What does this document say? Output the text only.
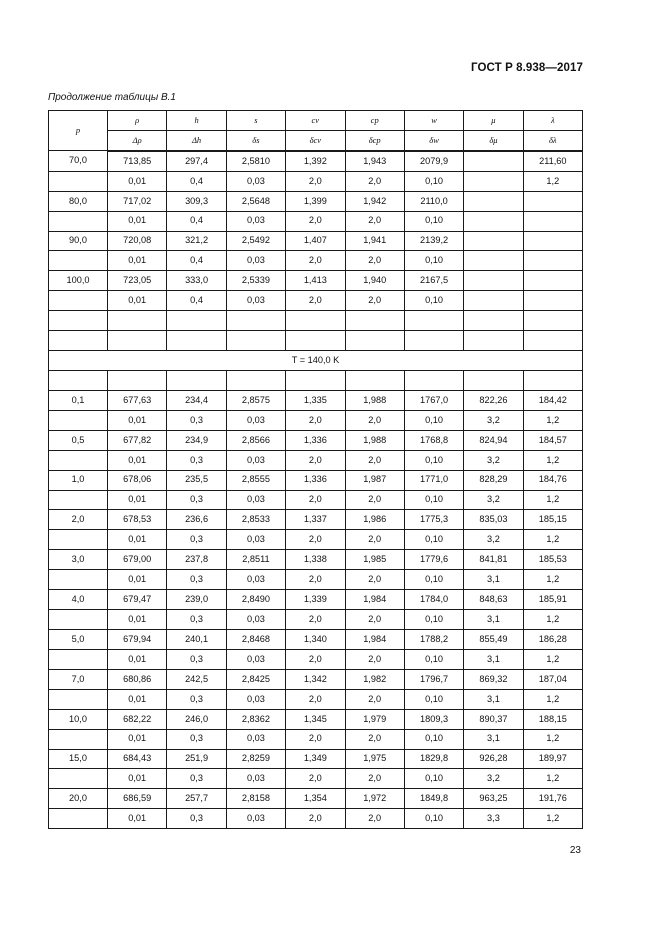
ГОСТ Р 8.938—2017
Продолжение таблицы В.1
p	ρ	h	s	cv	cp	w	μ	λ
	Δρ	Δh	δs	δcv	δcp	δw	δμ	δλ
70,0	713,85	297,4	2,5810	1,392	1,943	2079,9		211,60
	0,01	0,4	0,03	2,0	2,0	0,10		1,2
80,0	717,02	309,3	2,5648	1,399	1,942	2110,0		
	0,01	0,4	0,03	2,0	2,0	0,10		
90,0	720,08	321,2	2,5492	1,407	1,941	2139,2		
	0,01	0,4	0,03	2,0	2,0	0,10		
100,0	723,05	333,0	2,5339	1,413	1,940	2167,5		
	0,01	0,4	0,03	2,0	2,0	0,10		

T = 140,0 K								

0,1	677,63	234,4	2,8575	1,335	1,988	1767,0	822,26	184,42
	0,01	0,3	0,03	2,0	2,0	0,10	3,2	1,2
0,5	677,82	234,9	2,8566	1,336	1,988	1768,8	824,94	184,57
	0,01	0,3	0,03	2,0	2,0	0,10	3,2	1,2
1,0	678,06	235,5	2,8555	1,336	1,987	1771,0	828,29	184,76
	0,01	0,3	0,03	2,0	2,0	0,10	3,2	1,2
2,0	678,53	236,6	2,8533	1,337	1,986	1775,3	835,03	185,15
	0,01	0,3	0,03	2,0	2,0	0,10	3,2	1,2
3,0	679,00	237,8	2,8511	1,338	1,985	1779,6	841,81	185,53
	0,01	0,3	0,03	2,0	2,0	0,10	3,1	1,2
4,0	679,47	239,0	2,8490	1,339	1,984	1784,0	848,63	185,91
	0,01	0,3	0,03	2,0	2,0	0,10	3,1	1,2
5,0	679,94	240,1	2,8468	1,340	1,984	1788,2	855,49	186,28
	0,01	0,3	0,03	2,0	2,0	0,10	3,1	1,2
7,0	680,86	242,5	2,8425	1,342	1,982	1796,7	869,32	187,04
	0,01	0,3	0,03	2,0	2,0	0,10	3,1	1,2
10,0	682,22	246,0	2,8362	1,345	1,979	1809,3	890,37	188,15
	0,01	0,3	0,03	2,0	2,0	0,10	3,1	1,2
15,0	684,43	251,9	2,8259	1,349	1,975	1829,8	926,28	189,97
	0,01	0,3	0,03	2,0	2,0	0,10	3,2	1,2
20,0	686,59	257,7	2,8158	1,354	1,972	1849,8	963,25	191,76
	0,01	0,3	0,03	2,0	2,0	0,10	3,3	1,2
23
